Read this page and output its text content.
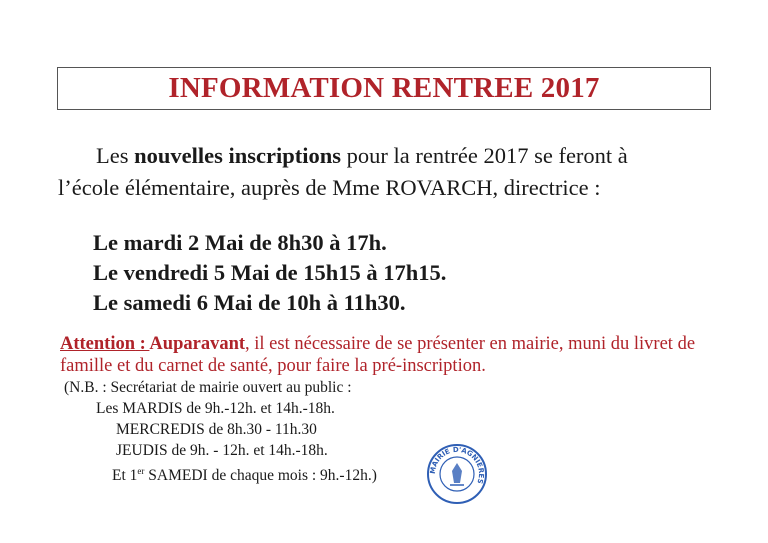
INFORMATION RENTREE 2017
Les nouvelles inscriptions pour la rentrée 2017 se feront à
l’école élémentaire, auprès de Mme ROVARCH, directrice :
Le mardi 2 Mai de 8h30 à 17h.
Le vendredi 5 Mai de 15h15 à 17h15.
Le samedi 6 Mai de 10h à 11h30.
Attention : Auparavant, il est nécessaire de se présenter en mairie, muni du livret de famille et du carnet de santé, pour faire la pré-inscription.
(N.B. : Secrétariat de mairie ouvert au public :
Les MARDIS de 9h.-12h. et 14h.-18h.
MERCREDIS de 8h.30 - 11h.30
JEUDIS de 9h. - 12h. et 14h.-18h.
Et 1er SAMEDI de chaque mois : 9h.-12h.)	MAIRIE D'AGNIERES
